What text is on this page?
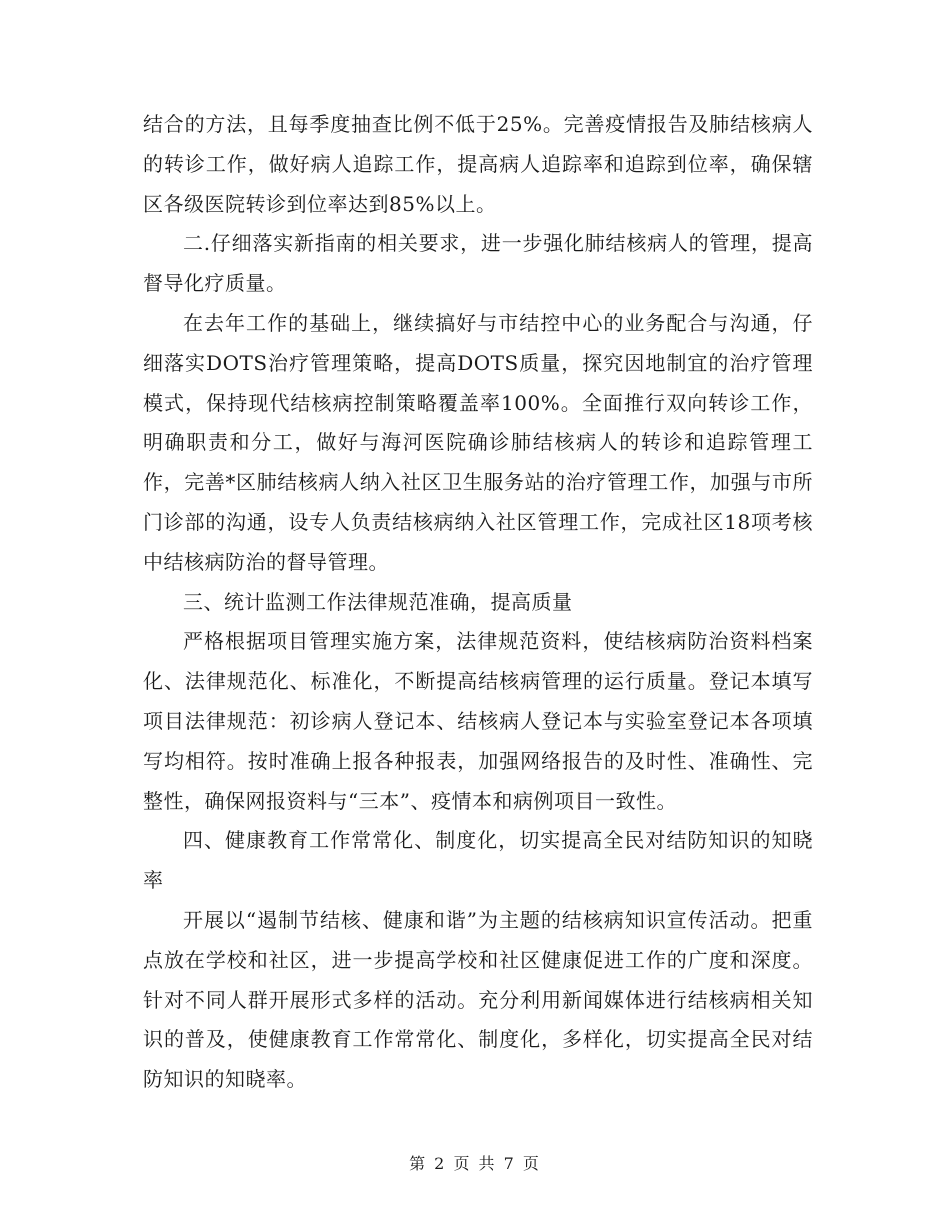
结合的方法，且每季度抽查比例不低于25%。完善疫情报告及肺结核病人的转诊工作，做好病人追踪工作，提高病人追踪率和追踪到位率，确保辖区各级医院转诊到位率达到85%以上。

二.仔细落实新指南的相关要求，进一步强化肺结核病人的管理，提高督导化疗质量。

在去年工作的基础上，继续搞好与市结控中心的业务配合与沟通，仔细落实DOTS治疗管理策略，提高DOTS质量，探究因地制宜的治疗管理模式，保持现代结核病控制策略覆盖率100%。全面推行双向转诊工作，明确职责和分工，做好与海河医院确诊肺结核病人的转诊和追踪管理工作，完善*区肺结核病人纳入社区卫生服务站的治疗管理工作，加强与市所门诊部的沟通，设专人负责结核病纳入社区管理工作，完成社区18项考核中结核病防治的督导管理。

三、统计监测工作法律规范准确，提高质量

严格根据项目管理实施方案，法律规范资料，使结核病防治资料档案化、法律规范化、标准化，不断提高结核病管理的运行质量。登记本填写项目法律规范：初诊病人登记本、结核病人登记本与实验室登记本各项填写均相符。按时准确上报各种报表，加强网络报告的及时性、准确性、完整性，确保网报资料与“三本”、疫情本和病例项目一致性。

四、健康教育工作常常化、制度化，切实提高全民对结防知识的知晓率

开展以“遏制节结核、健康和谐”为主题的结核病知识宣传活动。把重点放在学校和社区，进一步提高学校和社区健康促进工作的广度和深度。针对不同人群开展形式多样的活动。充分利用新闻媒体进行结核病相关知识的普及，使健康教育工作常常化、制度化，多样化，切实提高全民对结防知识的知晓率。

第 2 页 共 7 页
